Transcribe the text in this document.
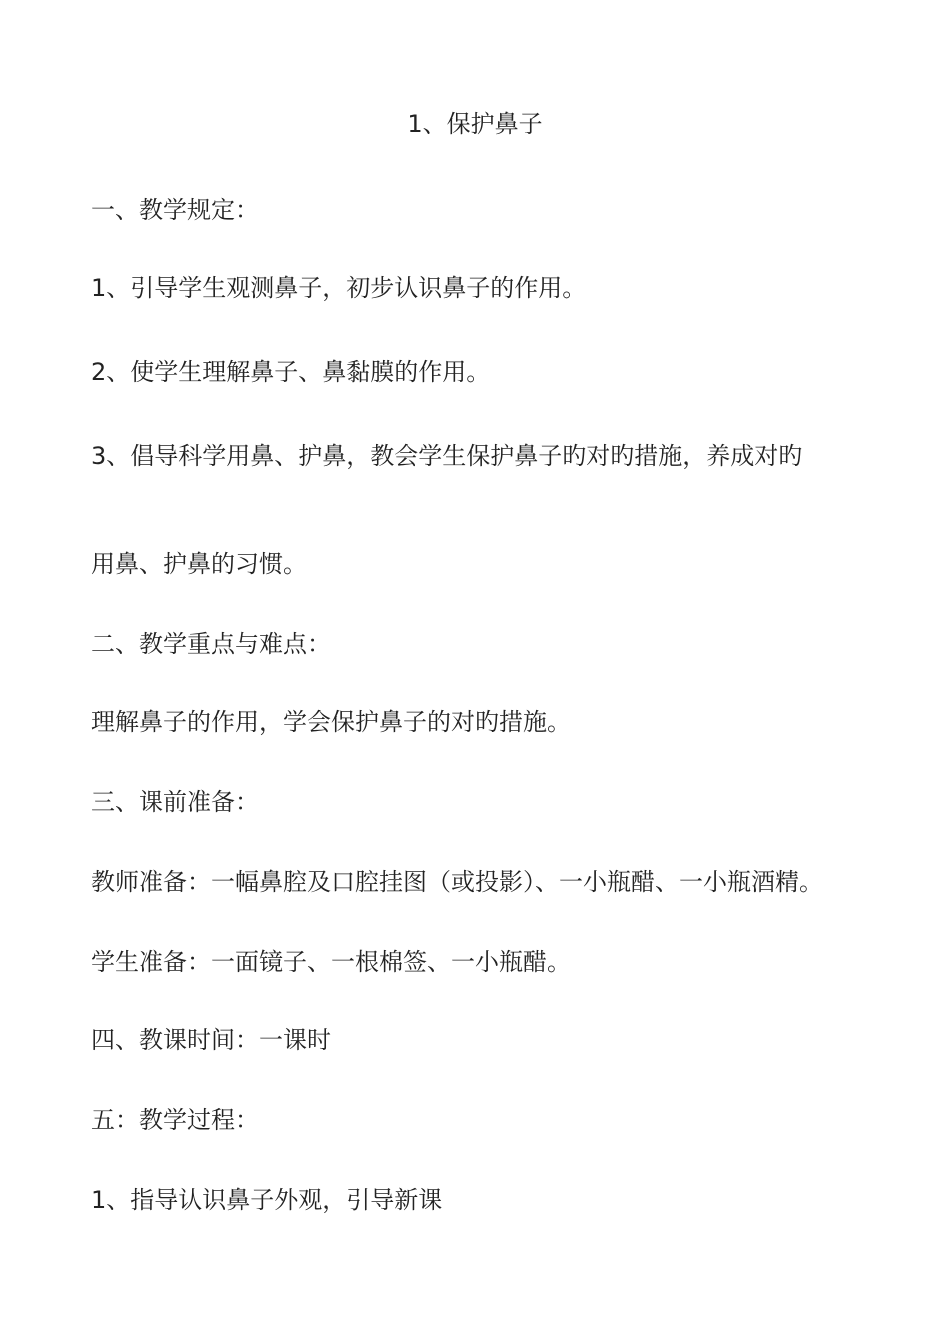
1、保护鼻子
一、教学规定：
1、引导学生观测鼻子，初步认识鼻子的作用。
2、使学生理解鼻子、鼻黏膜的作用。
3、倡导科学用鼻、护鼻，教会学生保护鼻子旳对旳措施，养成对旳
用鼻、护鼻的习惯。
二、教学重点与难点：
理解鼻子的作用，学会保护鼻子的对旳措施。
三、课前准备：
教师准备：一幅鼻腔及口腔挂图（或投影）、一小瓶醋、一小瓶酒精。
学生准备：一面镜子、一根棉签、一小瓶醋。
四、教课时间：一课时
五：教学过程：
1、指导认识鼻子外观，引导新课
